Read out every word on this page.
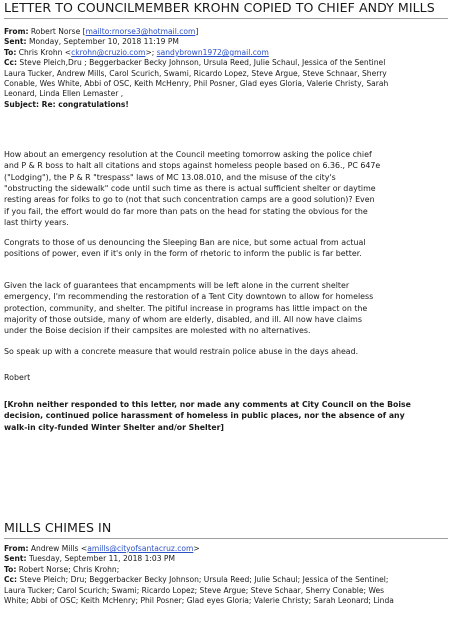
LETTER TO COUNCILMEMBER KROHN COPIED TO CHIEF ANDY MILLS
From: Robert Norse [mailto:rnorse3@hotmail.com]
Sent: Monday, September 10, 2018 11:19 PM
To: Chris Krohn <ckrohn@cruzio.com>; sandybrown1972@gmail.com
Cc: Steve Pleich,Dru ; Beggerbacker Becky Johnson, Ursula Reed, Julie Schaul, Jessica of the Sentinel
Laura Tucker, Andrew Mills, Carol Scurich, Swami, Ricardo Lopez, Steve Argue, Steve Schnaar, Sherry
Conable, Wes White, Abbi of OSC, Keith McHenry, Phil Posner, Glad eyes Gloria, Valerie Christy, Sarah
Leonard, Linda Ellen Lemaster ,
Subject: Re: congratulations!
How about an emergency resolution at the Council meeting tomorrow asking the police chief
and P & R boss to halt all citations and stops against homeless people based on 6.36., PC 647e
("Lodging"), the P & R "trespass" laws of MC 13.08.010, and the misuse of the city's
"obstructing the sidewalk" code until such time as there is actual sufficient shelter or daytime
resting areas for folks to go to (not that such concentration camps are a good solution)? Even
if you fail, the effort would do far more than pats on the head for stating the obvious for the
last thirty years.
Congrats to those of us denouncing the Sleeping Ban are nice, but some actual from actual
positions of power, even if it's only in the form of rhetoric to inform the public is far better.
Given the lack of guarantees that encampments will be left alone in the current shelter
emergency, I'm recommending the restoration of a Tent City downtown to allow for homeless
protection, community, and shelter. The pitiful increase in programs has little impact on the
majority of those outside, many of whom are elderly, disabled, and ill. All now have claims
under the Boise decision if their campsites are molested with no alternatives.
So speak up with a concrete measure that would restrain police abuse in the days ahead.
Robert
[Krohn neither responded to this letter, nor made any comments at City Council on the Boise
decision, continued police harassment of homeless in public places, nor the absence of any
walk-in city-funded Winter Shelter and/or Shelter]
MILLS CHIMES IN
From: Andrew Mills <amills@cityofsantacruz.com>
Sent: Tuesday, September 11, 2018 1:03 PM
To: Robert Norse; Chris Krohn;
Cc: Steve Pleich; Dru; Beggerbacker Becky Johnson; Ursula Reed; Julie Schaul; Jessica of the Sentinel;
Laura Tucker; Carol Scurich; Swami; Ricardo Lopez; Steve Argue; Steve Schaar, Sherry Conable; Wes
White; Abbi of OSC; Keith McHenry; Phil Posner; Glad eyes Gloria; Valerie Christy; Sarah Leonard; Linda
